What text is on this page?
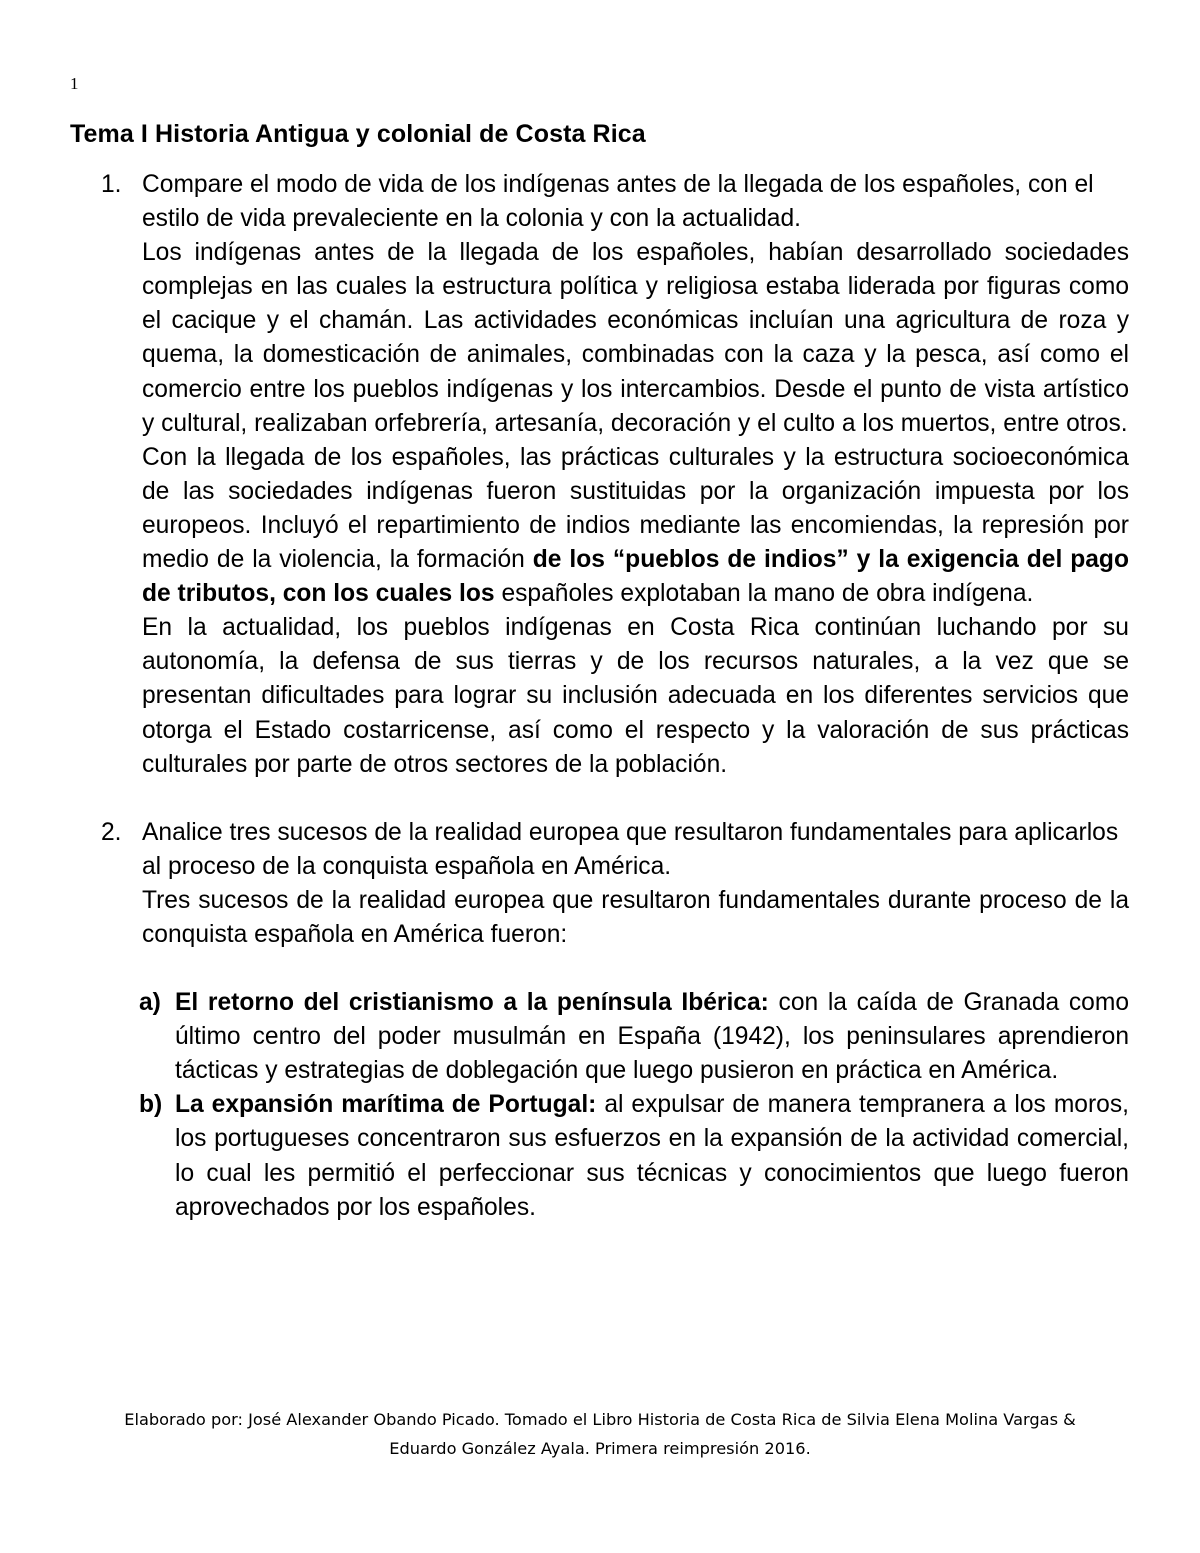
1
Tema I Historia Antigua y colonial de Costa Rica
1. Compare el modo de vida de los indígenas antes de la llegada de los españoles, con el estilo de vida prevaleciente en la colonia y con la actualidad.

Los indígenas antes de la llegada de los españoles, habían desarrollado sociedades complejas en las cuales la estructura política y religiosa estaba liderada por figuras como el cacique y el chamán. Las actividades económicas incluían una agricultura de roza y quema, la domesticación de animales, combinadas con la caza y la pesca, así como el comercio entre los pueblos indígenas y los intercambios. Desde el punto de vista artístico y cultural, realizaban orfebrería, artesanía, decoración y el culto a los muertos, entre otros.

Con la llegada de los españoles, las prácticas culturales y la estructura socioeconómica de las sociedades indígenas fueron sustituidas por la organización impuesta por los europeos. Incluyó el repartimiento de indios mediante las encomiendas, la represión por medio de la violencia, la formación de los “pueblos de indios” y la exigencia del pago de tributos, con los cuales los españoles explotaban la mano de obra indígena.

En la actualidad, los pueblos indígenas en Costa Rica continúan luchando por su autonomía, la defensa de sus tierras y de los recursos naturales, a la vez que se presentan dificultades para lograr su inclusión adecuada en los diferentes servicios que otorga el Estado costarricense, así como el respecto y la valoración de sus prácticas culturales por parte de otros sectores de la población.

2. Analice tres sucesos de la realidad europea que resultaron fundamentales para aplicarlos al proceso de la conquista española en América.

Tres sucesos de la realidad europea que resultaron fundamentales durante proceso de la conquista española en América fueron:

a) El retorno del cristianismo a la península Ibérica: con la caída de Granada como último centro del poder musulmán en España (1942), los peninsulares aprendieron tácticas y estrategias de doblegación que luego pusieron en práctica en América.
b) La expansión marítima de Portugal: al expulsar de manera tempranera a los moros, los portugueses concentraron sus esfuerzos en la expansión de la actividad comercial, lo cual les permitió el perfeccionar sus técnicas y conocimientos que luego fueron aprovechados por los españoles.
Elaborado por: José Alexander Obando Picado. Tomado el Libro Historia de Costa Rica de Silvia Elena Molina Vargas &
Eduardo González Ayala. Primera reimpresión 2016.
